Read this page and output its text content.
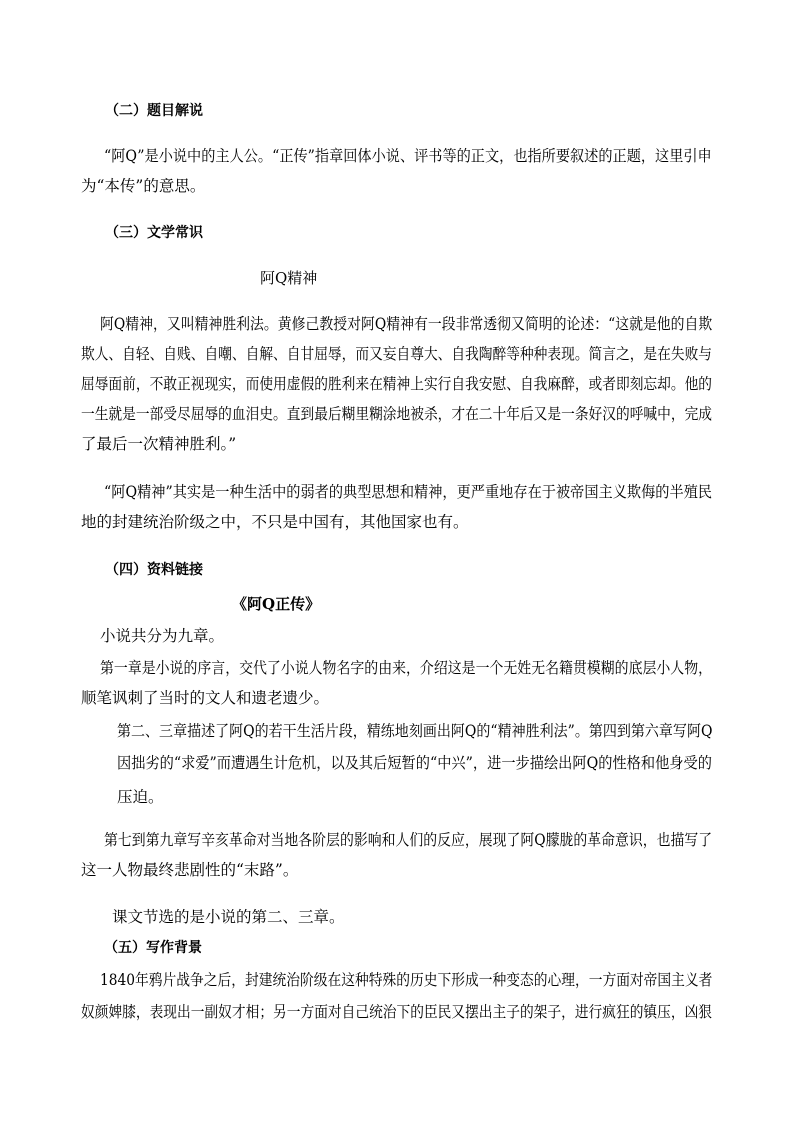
（二）题目解说
“阿Q”是小说中的主人公。“正传”指章回体小说、评书等的正文，也指所要叙述的正题，这里引申
为“本传”的意思。
（三）文学常识
阿Q精神
阿Q精神，又叫精神胜利法。黄修己教授对阿Q精神有一段非常透彻又简明的论述：“这就是他的自欺
欺人、自轻、自贱、自嘲、自解、自甘屈辱，而又妄自尊大、自我陶醉等种种表现。简言之，是在失败与
屈辱面前，不敢正视现实，而使用虚假的胜利来在精神上实行自我安慰、自我麻醉，或者即刻忘却。他的
一生就是一部受尽屈辱的血泪史。直到最后糊里糊涂地被杀，才在二十年后又是一条好汉的呼喊中，完成
了最后一次精神胜利。”
“阿Q精神”其实是一种生活中的弱者的典型思想和精神，更严重地存在于被帝国主义欺侮的半殖民
地的封建统治阶级之中，不只是中国有，其他国家也有。
（四）资料链接
《阿Q正传》
小说共分为九章。
第一章是小说的序言，交代了小说人物名字的由来，介绍这是一个无姓无名籍贯模糊的底层小人物，
顺笔讽刺了当时的文人和遗老遗少。
第二、三章描述了阿Q的若干生活片段，精练地刻画出阿Q的“精神胜利法”。第四到第六章写阿Q
因拙劣的“求爱”而遭遇生计危机，以及其后短暂的“中兴”，进一步描绘出阿Q的性格和他身受的
压迫。
第七到第九章写辛亥革命对当地各阶层的影响和人们的反应，展现了阿Q朦胧的革命意识，也描写了
这一人物最终悲剧性的“末路”。
课文节选的是小说的第二、三章。
（五）写作背景
1840年鸦片战争之后，封建统治阶级在这种特殊的历史下形成一种变态的心理，一方面对帝国主义者
奴颜婢膝，表现出一副奴才相；另一方面对自己统治下的臣民又摆出主子的架子，进行疯狂的镇压，凶狠
